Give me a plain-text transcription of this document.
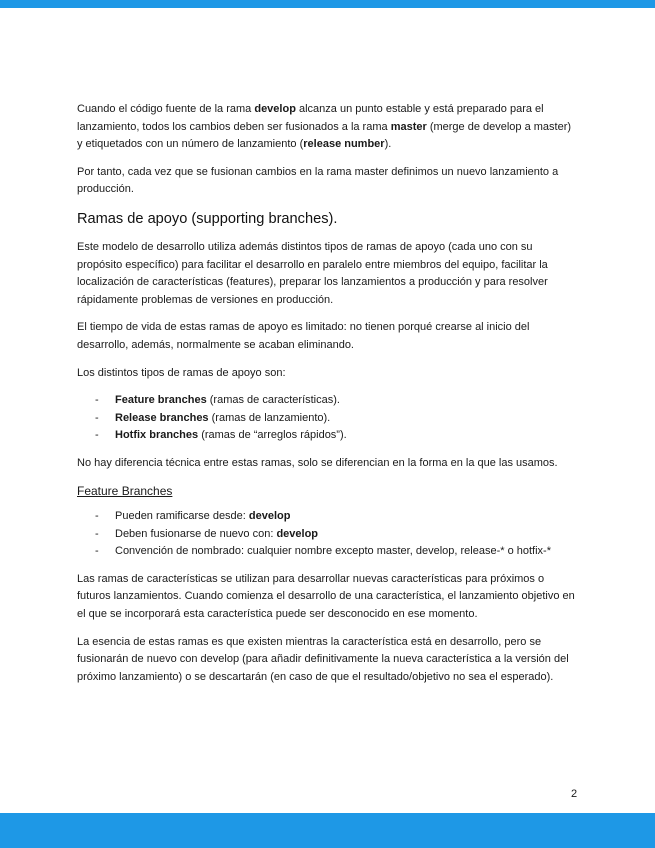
Cuando el código fuente de la rama develop alcanza un punto estable y está preparado para el lanzamiento, todos los cambios deben ser fusionados a la rama master (merge de develop a master) y etiquetados con un número de lanzamiento (release number).

Por tanto, cada vez que se fusionan cambios en la rama master definimos un nuevo lanzamiento a producción.

Ramas de apoyo (supporting branches).

Este modelo de desarrollo utiliza además distintos tipos de ramas de apoyo (cada uno con su propósito específico) para facilitar el desarrollo en paralelo entre miembros del equipo, facilitar la localización de características (features), preparar los lanzamientos a producción y para resolver rápidamente problemas de versiones en producción.

El tiempo de vida de estas ramas de apoyo es limitado: no tienen porqué crearse al inicio del desarrollo, además, normalmente se acaban eliminando.

Los distintos tipos de ramas de apoyo son:

- Feature branches (ramas de características).
- Release branches (ramas de lanzamiento).
- Hotfix branches (ramas de “arreglos rápidos”).

No hay diferencia técnica entre estas ramas, solo se diferencian en la forma en la que las usamos.

Feature Branches

- Pueden ramificarse desde: develop
- Deben fusionarse de nuevo con: develop
- Convención de nombrado: cualquier nombre excepto master, develop, release-* o hotfix-*

Las ramas de características se utilizan para desarrollar nuevas características para próximos o futuros lanzamientos. Cuando comienza el desarrollo de una característica, el lanzamiento objetivo en el que se incorporará esta característica puede ser desconocido en ese momento.

La esencia de estas ramas es que existen mientras la característica está en desarrollo, pero se fusionarán de nuevo con develop (para añadir definitivamente la nueva característica a la versión del próximo lanzamiento) o se descartarán (en caso de que el resultado/objetivo no sea el esperado).

2
